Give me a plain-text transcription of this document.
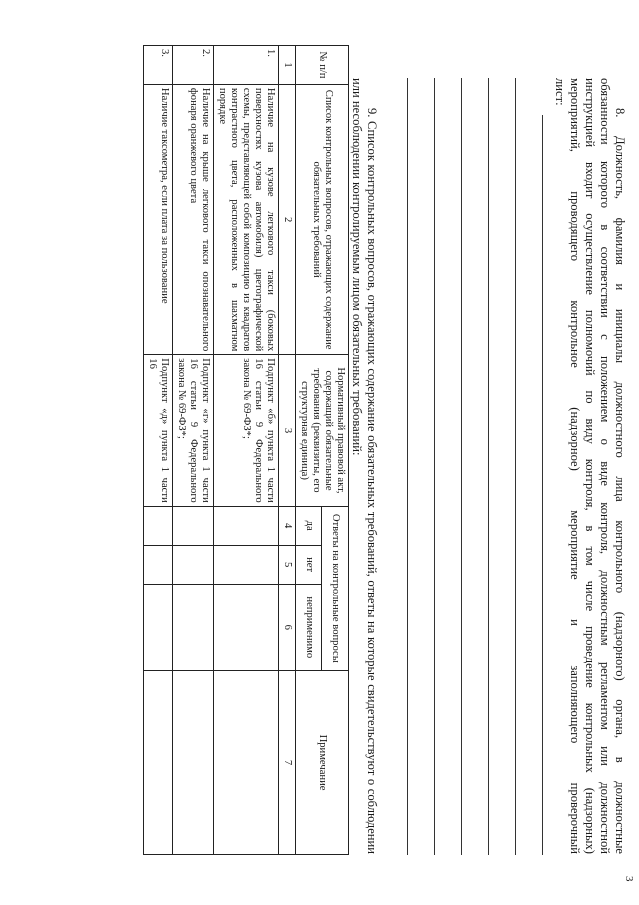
3
8. Должность, фамилия и инициалы должностного лица контрольного (надзорного) органа, в должностные
обязанности которого в соответствии с положением о виде контроля, должностным регламентом или должностной
инструкцией входит осуществление полномочий по виду контроля, в том числе проведение контрольных (надзорных)
мероприятий, проводящего контрольное (надзорное) мероприятие и заполняющего проверочный
лист:
9. Список контрольных вопросов, отражающих содержание обязательных требований, ответы на которые свидетельствуют о соблюдении или несоблюдении контролируемым лицом обязательных требований:
№ п/п	Список контрольных вопросов, отражающих содержание обязательных требований	Нормативный правовой акт, содержащий обязательные требования (реквизиты, его структурная единица)	Ответы на контрольные вопросы			Примечание
			да	нет	неприменимо	
1	2	3	4	5	6	7
1.	Наличие на кузове легкового такси (боковых поверхностях кузова автомобиля) цветографической схемы, представляющей собой композицию из квадратов контрастного цвета, расположенных в шахматном порядке	Подпункт «б» пункта 1 части 16 статьи 9 Федерального закона № 69-ФЗ*;				
2.	Наличие на крыше легкового такси опознавательного фонаря оранжевого цвета	Подпункт «г» пункта 1 части 16 статьи 9 Федерального закона № 69-ФЗ*;				
3.	Наличие таксометра, если плата за пользование	Подпункт «д» пункта 1 части 16				
